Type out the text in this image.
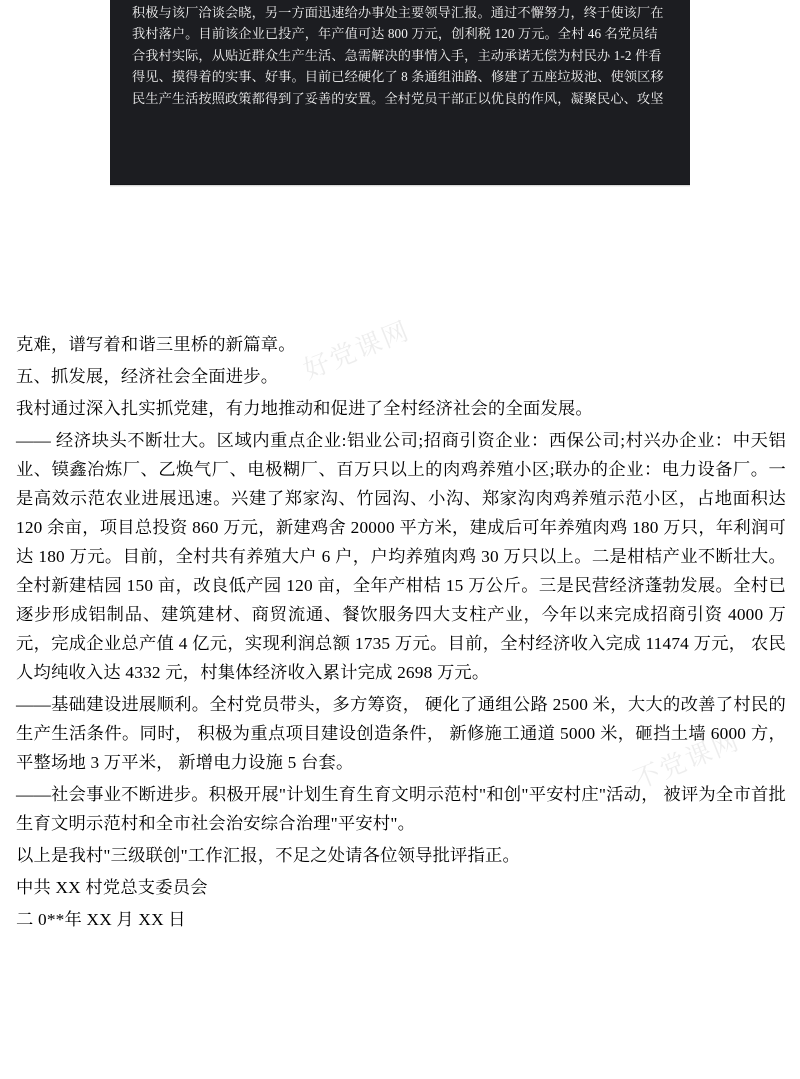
积极与该厂洽谈会晓，另一方面迅速给办事处主要领导汇报。通过不懈努力，终于使该厂在
我村落户。目前该企业已投产，年产值可达 800 万元，创利税 120 万元。全村 46 名党员结
合我村实际，从贴近群众生产生活、急需解决的事情入手，主动承诺无偿为村民办 1-2 件看
得见、摸得着的实事、好事。目前已经硬化了 8 条通组油路、修建了五座垃圾池、使领区移
民生产生活按照政策都得到了妥善的安置。全村党员干部正以优良的作风，凝聚民心、攻坚

克难，谱写着和谐三里桥的新篇章。

五、抓发展，经济社会全面进步。

我村通过深入扎实抓党建，有力地推动和促进了全村经济社会的全面发展。

—— 经济块头不断壮大。区域内重点企业:铝业公司;招商引资企业：西保公司;村兴办企业：中天铝业、镆鑫冶炼厂、乙焕气厂、电极糊厂、百万只以上的肉鸡养殖小区;联办的企业：电力设备厂。一是高效示范农业进展迅速。兴建了郑家沟、竹园沟、小沟、郑家沟肉鸡养殖示范小区，占地面积达 120 余亩，项目总投资 860 万元，新建鸡舍 20000 平方米，建成后可年养殖肉鸡 180 万只，年利润可达 180 万元。目前，全村共有养殖大户 6 户，户均养殖肉鸡 30 万只以上。二是柑桔产业不断壮大。全村新建桔园 150 亩，改良低产园 120 亩，全年产柑桔 15 万公斤。三是民营经济蓬勃发展。全村已逐步形成铝制品、建筑建材、商贸流通、餐饮服务四大支柱产业，今年以来完成招商引资 4000 万元，完成企业总产值 4 亿元，实现利润总额 1735 万元。目前，全村经济收入完成 11474 万元， 农民人均纯收入达 4332 元，村集体经济收入累计完成 2698 万元。

——基础建设进展顺利。全村党员带头，多方筹资， 硬化了通组公路 2500 米，大大的改善了村民的生产生活条件。同时， 积极为重点项目建设创造条件， 新修施工通道 5000 米，砸挡土墙 6000 方， 平整场地 3 万平米， 新增电力设施 5 台套。

——社会事业不断进步。积极开展"计划生育生育文明示范村"和创"平安村庄"活动， 被评为全市首批生育文明示范村和全市社会治安综合治理"平安村"。

以上是我村"三级联创"工作汇报，不足之处请各位领导批评指正。

中共 XX 村党总支委员会

二 0**年 XX 月 XX 日

好党课网
不党课网
